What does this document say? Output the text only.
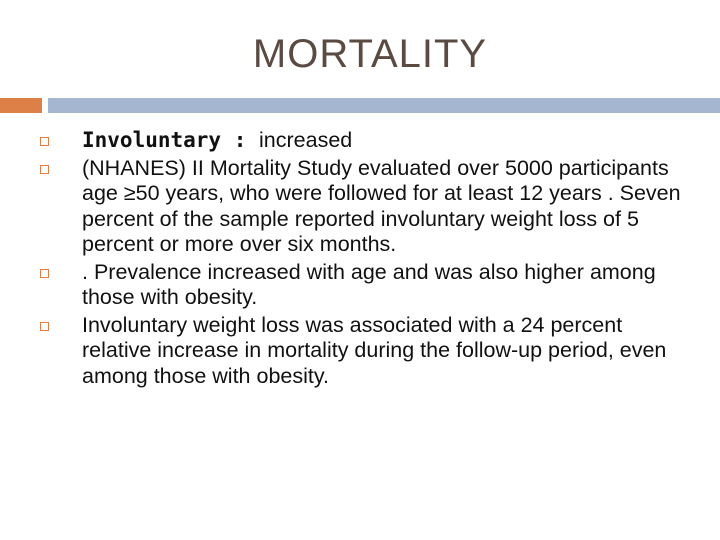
MORTALITY
Involuntary : increased
(NHANES) II Mortality Study evaluated over 5000 participants age ≥50 years, who were followed for at least 12 years . Seven percent of the sample reported involuntary weight loss of 5 percent or more over six months.
. Prevalence increased with age and was also higher among those with obesity.
Involuntary weight loss was associated with a 24 percent relative increase in mortality during the follow-up period, even among those with obesity.
